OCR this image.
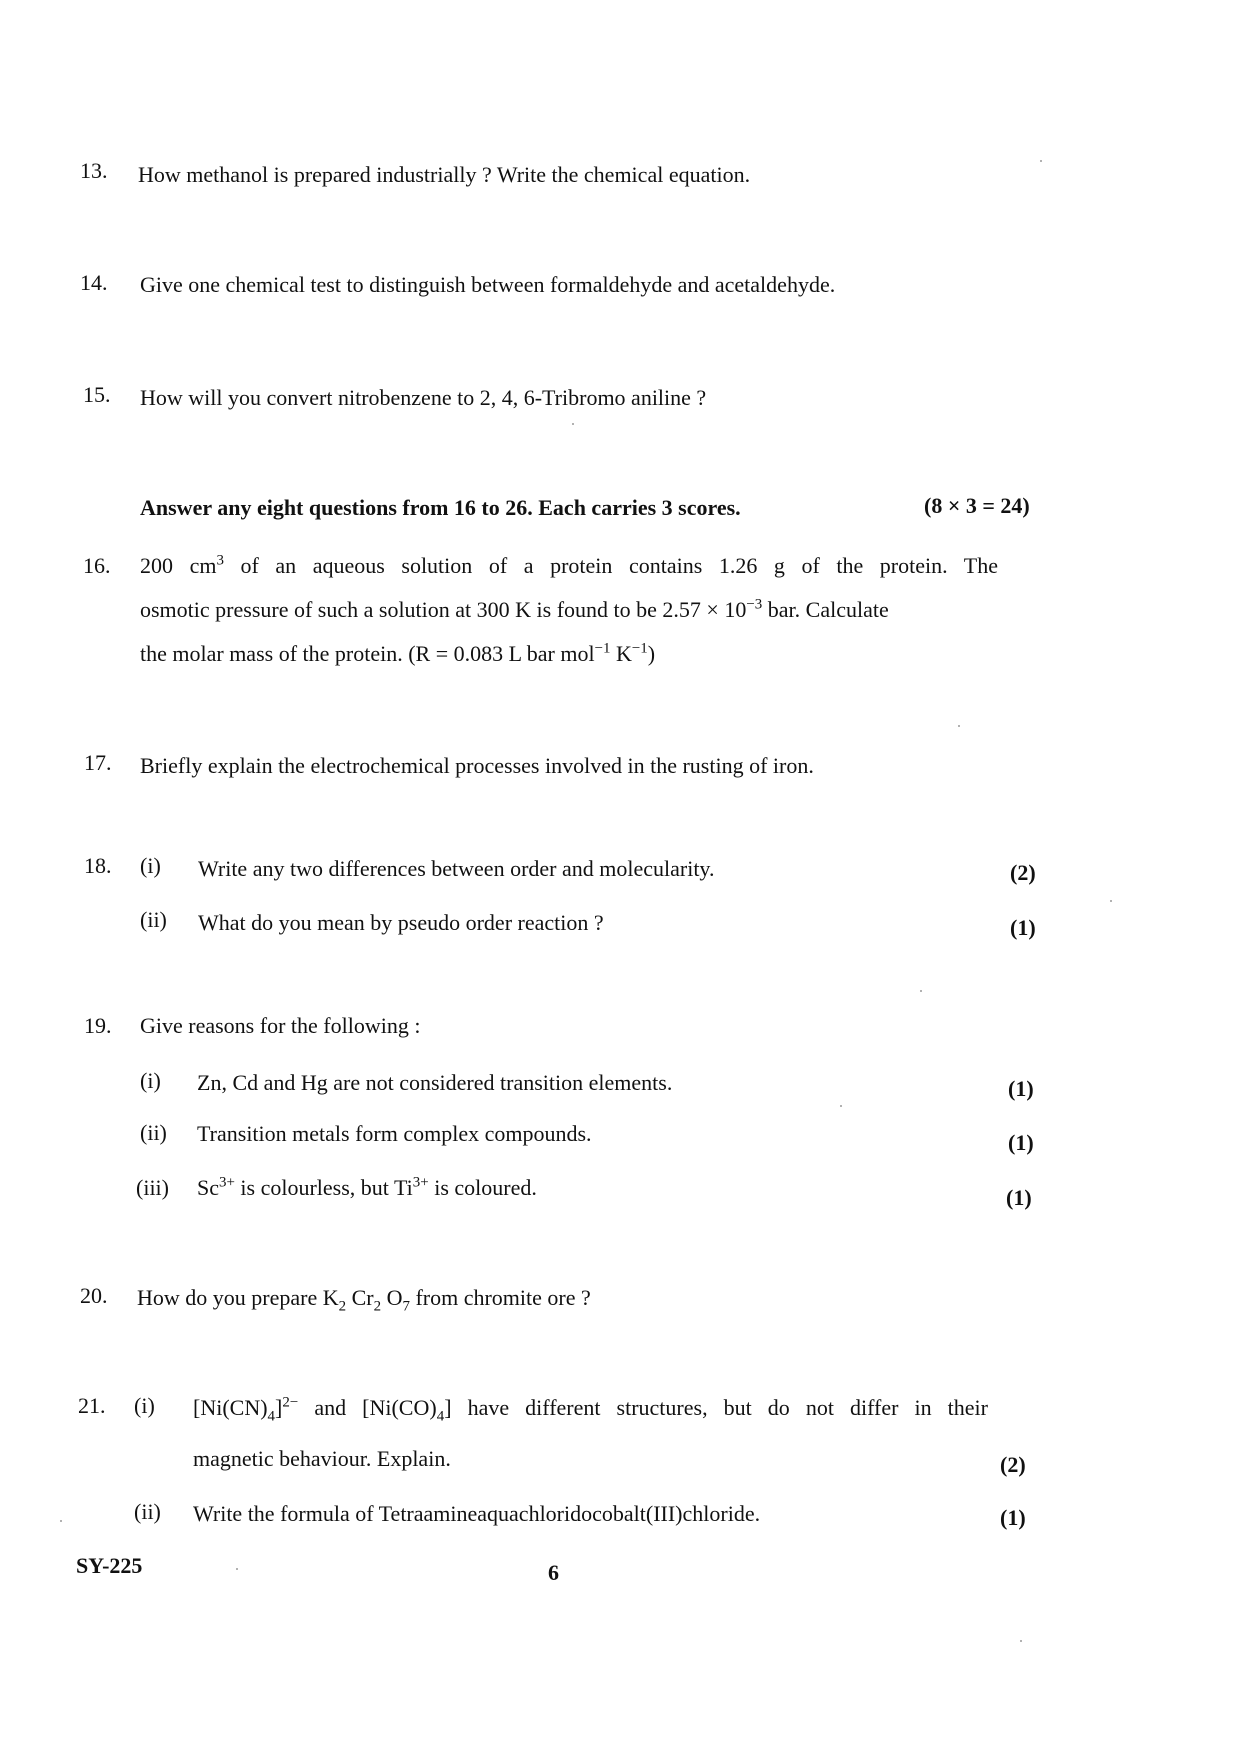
13. How methanol is prepared industrially ? Write the chemical equation.
14. Give one chemical test to distinguish between formaldehyde and acetaldehyde.
15. How will you convert nitrobenzene to 2, 4, 6-Tribromo aniline ?
Answer any eight questions from 16 to 26. Each carries 3 scores.	(8 × 3 = 24)
16. 200 $cm^3$ of an aqueous solution of a protein contains 1.26 g of the protein. The
osmotic pressure of such a solution at 300 K is found to be $2.57 \times 10^{-3}$ bar. Calculate
the molar mass of the protein. (R = 0.083 L bar mol$^{-1}$ $K^{-1}$)
17. Briefly explain the electrochemical processes involved in the rusting of iron.
18. (i) Write any two differences between order and molecularity.	(2)
(ii) What do you mean by pseudo order reaction ?	(1)
19. Give reasons for the following :
(i) Zn, Cd and Hg are not considered transition elements.	(1)
(ii) Transition metals form complex compounds.	(1)
(iii) $Sc^{3+}$ is colourless, but $Ti^{3+}$ is coloured.	(1)
20. How do you prepare $K_2$ $Cr_2$ $O_7$ from chromite ore ?
21. (i) $[Ni(CN)_4]^{2-}$ and $[Ni(CO)_4]$ have different structures, but do not differ in their
magnetic behaviour. Explain.	(2)
(ii) Write the formula of Tetraamineaquachloridocobalt(III)chloride.	(1)
SY-225	6
